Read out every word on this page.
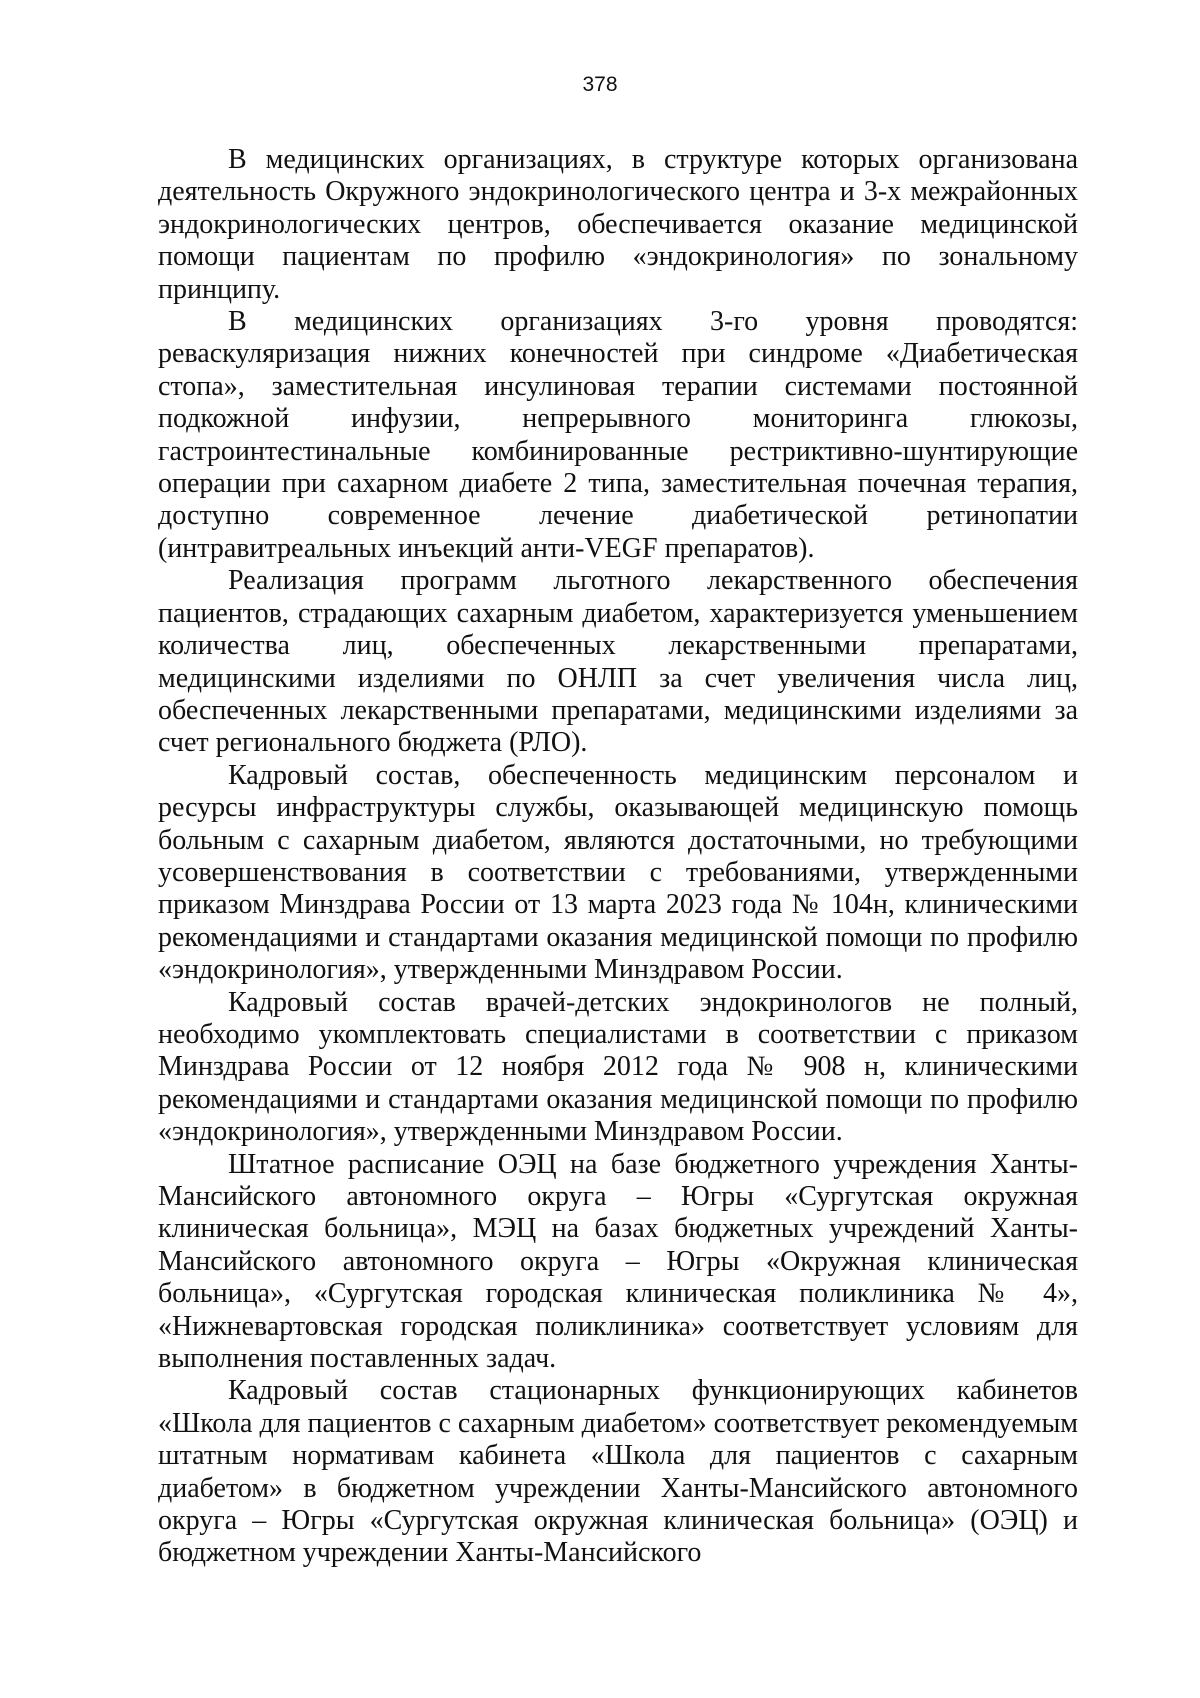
378

В медицинских организациях, в структуре которых организована деятельность Окружного эндокринологического центра и 3-х межрайонных эндокринологических центров, обеспечивается оказание медицинской помощи пациентам по профилю «эндокринология» по зональному принципу.

В медицинских организациях 3-го уровня проводятся: реваскуляризация нижних конечностей при синдроме «Диабетическая стопа», заместительная инсулиновая терапии системами постоянной подкожной инфузии, непрерывного мониторинга глюкозы, гастроинтестинальные комбинированные рестриктивно-шунтирующие операции при сахарном диабете 2 типа, заместительная почечная терапия, доступно современное лечение диабетической ретинопатии (интравитреальных инъекций анти-VEGF препаратов).

Реализация программ льготного лекарственного обеспечения пациентов, страдающих сахарным диабетом, характеризуется уменьшением количества лиц, обеспеченных лекарственными препаратами, медицинскими изделиями по ОНЛП за счет увеличения числа лиц, обеспеченных лекарственными препаратами, медицинскими изделиями за счет регионального бюджета (РЛО).

Кадровый состав, обеспеченность медицинским персоналом и ресурсы инфраструктуры службы, оказывающей медицинскую помощь больным с сахарным диабетом, являются достаточными, но требующими усовершенствования в соответствии с требованиями, утвержденными приказом Минздрава России от 13 марта 2023 года № 104н, клиническими рекомендациями и стандартами оказания медицинской помощи по профилю «эндокринология», утвержденными Минздравом России.

Кадровый состав врачей-детских эндокринологов не полный, необходимо укомплектовать специалистами в соответствии с приказом Минздрава России от 12 ноября 2012 года № 908 н, клиническими рекомендациями и стандартами оказания медицинской помощи по профилю «эндокринология», утвержденными Минздравом России.

Штатное расписание ОЭЦ на базе бюджетного учреждения Ханты-Мансийского автономного округа – Югры «Сургутская окружная клиническая больница», МЭЦ на базах бюджетных учреждений Ханты-Мансийского автономного округа – Югры «Окружная клиническая больница», «Сургутская городская клиническая поликлиника № 4», «Нижневартовская городская поликлиника» соответствует условиям для выполнения поставленных задач.

Кадровый состав стационарных функционирующих кабинетов «Школа для пациентов с сахарным диабетом» соответствует рекомендуемым штатным нормативам кабинета «Школа для пациентов с сахарным диабетом» в бюджетном учреждении Ханты-Мансийского автономного округа – Югры «Сургутская окружная клиническая больница» (ОЭЦ) и бюджетном учреждении Ханты-Мансийского
